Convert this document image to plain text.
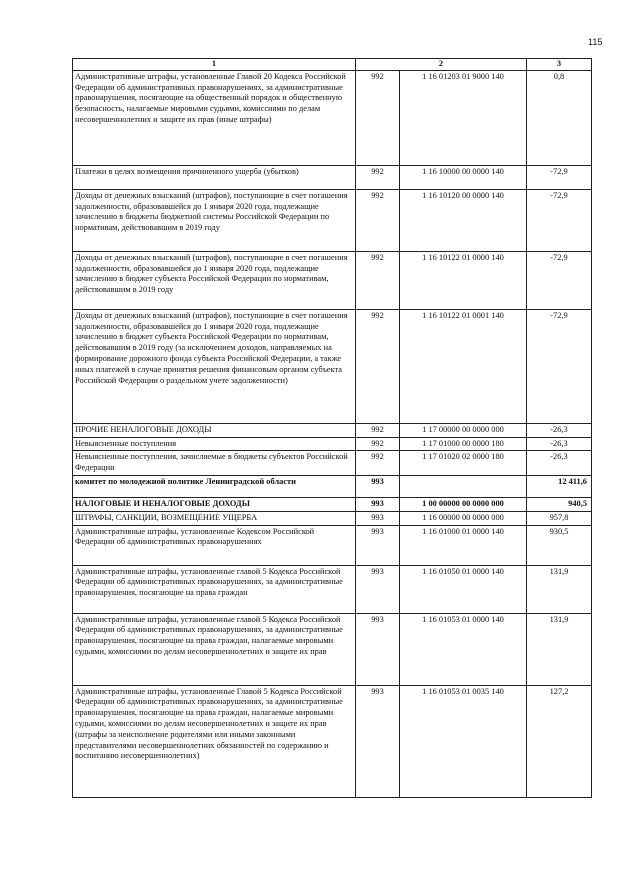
115
1	2		3
Административные штрафы, установленные Главой 20 Кодекса Российской Федерации об административных правонарушениях, за административные правонарушения, посягающие на общественный порядок и общественную безопасность, налагаемые мировыми судьями, комиссиями по делам несовершеннолетних и защите их прав (иные штрафы)	992	1 16 01203 01 9000 140	0,8
Платежи в целях возмещения причиненного ущерба (убытков)	992	1 16 10000 00 0000 140	-72,9
Доходы от денежных взысканий (штрафов), поступающие в счет погашения задолженности, образовавшейся до 1 января 2020 года, подлежащие зачислению в бюджеты бюджетной системы Российской Федерации по нормативам, действовавшим в 2019 году	992	1 16 10120 00 0000 140	-72,9
Доходы от денежных взысканий (штрафов), поступающие в счет погашения задолженности, образовавшейся до 1 января 2020 года, подлежащие зачислению в бюджет субъекта Российской Федерации по нормативам, действовавшим в 2019 году	992	1 16 10122 01 0000 140	-72,9
Доходы от денежных взысканий (штрафов), поступающие в счет погашения задолженности, образовавшейся до 1 января 2020 года, подлежащие зачислению в бюджет субъекта Российской Федерации по нормативам, действовавшим в 2019 году (за исключением доходов, направляемых на формирование дорожного фонда субъекта Российской Федерации, а также иных платежей в случае принятия решения финансовым органом субъекта Российской Федерации о раздельном учете задолженности)	992	1 16 10122 01 0001 140	-72,9
ПРОЧИЕ НЕНАЛОГОВЫЕ ДОХОДЫ	992	1 17 00000 00 0000 000	-26,3
Невыясненные поступления	992	1 17 01000 00 0000 180	-26,3
Невыясненные поступления, зачисляемые в бюджеты субъектов Российской Федерации	992	1 17 01020 02 0000 180	-26,3
комитет по молодежной политике Ленинградской области	993		12 411,6
НАЛОГОВЫЕ И НЕНАЛОГОВЫЕ ДОХОДЫ	993	1 00 00000 00 0000 000	940,5
ШТРАФЫ, САНКЦИИ, ВОЗМЕЩЕНИЕ УЩЕРБА	993	1 16 00000 00 0000 000	957,8
Административные штрафы, установленные Кодексом Российской Федерации об административных правонарушениях	993	1 16 01000 01 0000 140	930,5
Административные штрафы, установленные главой 5 Кодекса Российской Федерации об административных правонарушениях, за административные правонарушения, посягающие на права граждан	993	1 16 01050 01 0000 140	131,9
Административные штрафы, установленные главой 5 Кодекса Российской Федерации об административных правонарушениях, за административные правонарушения, посягающие на права граждан, налагаемые мировыми судьями, комиссиями по делам несовершеннолетних и защите их прав	993	1 16 01053 01 0000 140	131,9
Административные штрафы, установленные Главой 5 Кодекса Российской Федерации об административных правонарушениях, за административные правонарушения, посягающие на права граждан, налагаемые мировыми судьями, комиссиями по делам несовершеннолетних и защите их прав (штрафы за неисполнение родителями или иными законными представителями несовершеннолетних обязанностей по содержанию и воспитанию несовершеннолетних)	993	1 16 01053 01 0035 140	127,2
